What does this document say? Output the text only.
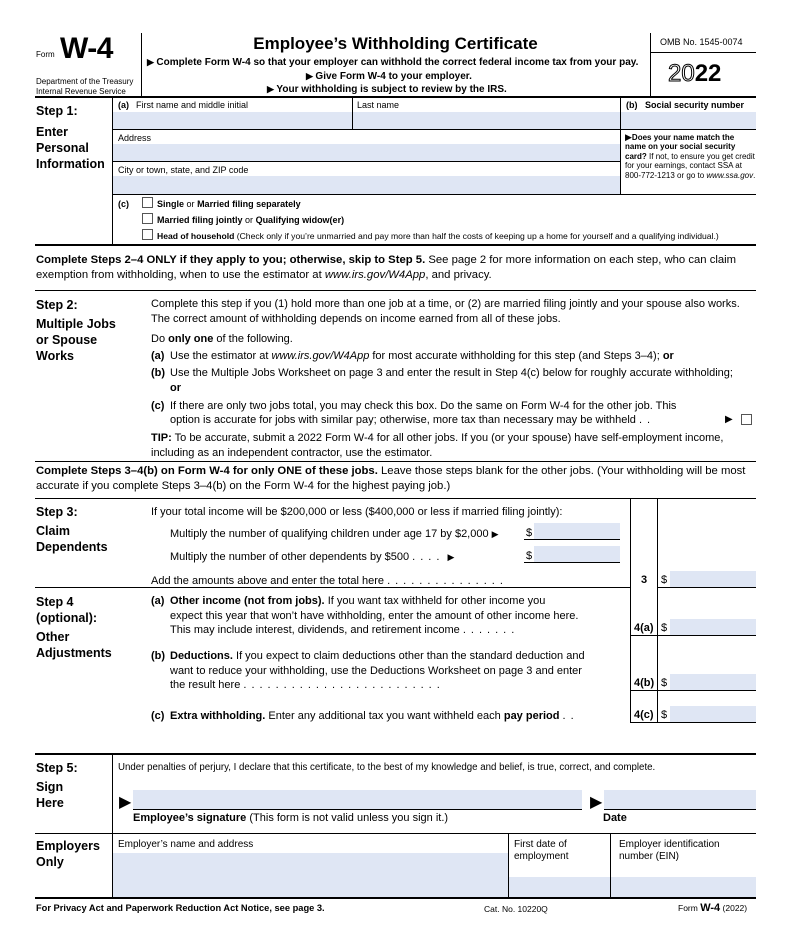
Form W-4
Department of the Treasury
Internal Revenue Service
Employee’s Withholding Certificate
▶ Complete Form W-4 so that your employer can withhold the correct federal income tax from your pay.
▶ Give Form W-4 to your employer.
▶ Your withholding is subject to review by the IRS.
OMB No. 1545-0074
2022
Step 1:
Enter
Personal
Information
(a) First name and middle initial	Last name	(b) Social security number
Address
City or town, state, and ZIP code
▶Does your name match the name on your social security card? If not, to ensure you get credit for your earnings, contact SSA at 800-772-1213 or go to www.ssa.gov.
(c)	Single or Married filing separately
Married filing jointly or Qualifying widow(er)
Head of household (Check only if you’re unmarried and pay more than half the costs of keeping up a home for yourself and a qualifying individual.)
Complete Steps 2–4 ONLY if they apply to you; otherwise, skip to Step 5. See page 2 for more information on each step, who can claim exemption from withholding, when to use the estimator at www.irs.gov/W4App, and privacy.
Step 2:
Multiple Jobs
or Spouse
Works
Complete this step if you (1) hold more than one job at a time, or (2) are married filing jointly and your spouse also works. The correct amount of withholding depends on income earned from all of these jobs.
Do only one of the following.
(a) Use the estimator at www.irs.gov/W4App for most accurate withholding for this step (and Steps 3–4); or
(b) Use the Multiple Jobs Worksheet on page 3 and enter the result in Step 4(c) below for roughly accurate withholding; or
(c) If there are only two jobs total, you may check this box. Do the same on Form W-4 for the other job. This
option is accurate for jobs with similar pay; otherwise, more tax than necessary may be withheld ..	▶
TIP: To be accurate, submit a 2022 Form W-4 for all other jobs. If you (or your spouse) have self-employment income, including as an independent contractor, use the estimator.
Complete Steps 3–4(b) on Form W-4 for only ONE of these jobs. Leave those steps blank for the other jobs. (Your withholding will be most accurate if you complete Steps 3–4(b) on the Form W-4 for the highest paying job.)
Step 3:
Claim
Dependents
If your total income will be $200,000 or less ($400,000 or less if married filing jointly):
Multiply the number of qualifying children under age 17 by $2,000 ▶ $
Multiply the number of other dependents by $500 .... ▶	$
Add the amounts above and enter the total here ...............	3 $
Step 4
(optional):
Other
Adjustments
(a) Other income (not from jobs). If you want tax withheld for other income you
expect this year that won’t have withholding, enter the amount of other income here.
This may include interest, dividends, and retirement income .......	4(a) $
(b) Deductions. If you expect to claim deductions other than the standard deduction and
want to reduce your withholding, use the Deductions Worksheet on page 3 and enter
the result here .........................	4(b) $
(c) Extra withholding. Enter any additional tax you want withheld each pay period ..	4(c) $
Step 5:
Sign
Here
Under penalties of perjury, I declare that this certificate, to the best of my knowledge and belief, is true, correct, and complete.
▶
Employee’s signature (This form is not valid unless you sign it.)
▶
Date
Employers
Only
Employer’s name and address	First date of
employment
Employer identification
number (EIN)
For Privacy Act and Paperwork Reduction Act Notice, see page 3.	Cat. No. 10220Q	Form W-4 (2022)
